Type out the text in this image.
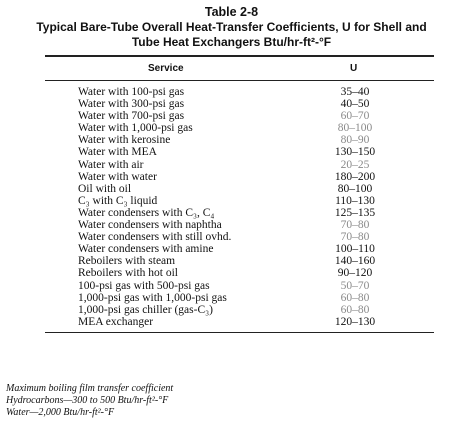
Table 2-8
Typical Bare-Tube Overall Heat-Transfer Coefficients, U for Shell and
Tube Heat Exchangers Btu/hr-ft²-°F
Service	U
Water with 100-psi gas	35–40
Water with 300-psi gas	40–50
Water with 700-psi gas	60–70
Water with 1,000-psi gas	80–100
Water with kerosine	80–90
Water with MEA	130–150
Water with air	20–25
Water with water	180–200
Oil with oil	80–100
C₃ with C₃ liquid	110–130
Water condensers with C₃, C₄	125–135
Water condensers with naphtha	70–80
Water condensers with still ovhd.	70–80
Water condensers with amine	100–110
Reboilers with steam	140–160
Reboilers with hot oil	90–120
100-psi gas with 500-psi gas	50–70
1,000-psi gas with 1,000-psi gas	60–80
1,000-psi gas chiller (gas-C₃)	60–80
MEA exchanger	120–130
Maximum boiling film transfer coefficient
Hydrocarbons—300 to 500 Btu/hr-ft²-°F
Water—2,000 Btu/hr-ft²-°F
